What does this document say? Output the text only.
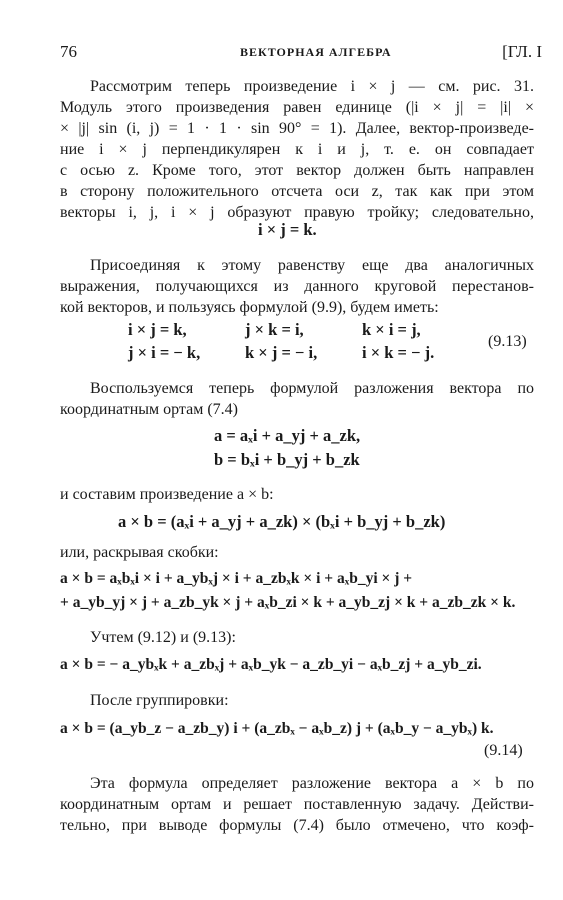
76	ВЕКТОРНАЯ АЛГЕБРА	[ГЛ. I
Рассмотрим теперь произведение i × j — см. рис. 31.
Модуль этого произведения равен единице (|i × j| = |i| ×
× |j| sin (i, j) = 1 · 1 · sin 90° = 1). Далее, вектор-произведе-
ние i × j перпендикулярен к i и j, т. е. он совпадает
с осью z. Кроме того, этот вектор должен быть направлен
в сторону положительного отсчета оси z, так как при этом
векторы i, j, i × j образуют правую тройку; следовательно,
i × j = k.
Присоединяя к этому равенству еще два аналогичных
выражения, получающихся из данного круговой перестанов-
кой векторов, и пользуясь формулой (9.9), будем иметь:
i × j = k,	j × k = i,	k × i = j,
j × i = − k,	k × j = − i,	i × k = − j.
(9.13)
Воспользуемся теперь формулой разложения вектора по
координатным ортам (7.4)
a = aₓi + a_yj + a_zk,
b = bₓi + b_yj + b_zk
и составим произведение a × b:
a × b = (aₓi + a_yj + a_zk) × (bₓi + b_yj + b_zk)
или, раскрывая скобки:
a × b = aₓbₓi × i + a_ybₓj × i + a_zbₓk × i + aₓb_yi × j +
+ a_yb_yj × j + a_zb_yk × j + aₓb_zi × k + a_yb_zj × k + a_zb_zk × k.
Учтем (9.12) и (9.13):
a × b = − a_ybₓk + a_zbₓj + aₓb_yk − a_zb_yi − aₓb_zj + a_yb_zi.
После группировки:
a × b = (a_yb_z − a_zb_y) i + (a_zbₓ − aₓb_z) j + (aₓb_y − a_ybₓ) k.
(9.14)
Эта формула определяет разложение вектора a × b по
координатным ортам и решает поставленную задачу. Действи-
тельно, при выводе формулы (7.4) было отмечено, что коэф-
